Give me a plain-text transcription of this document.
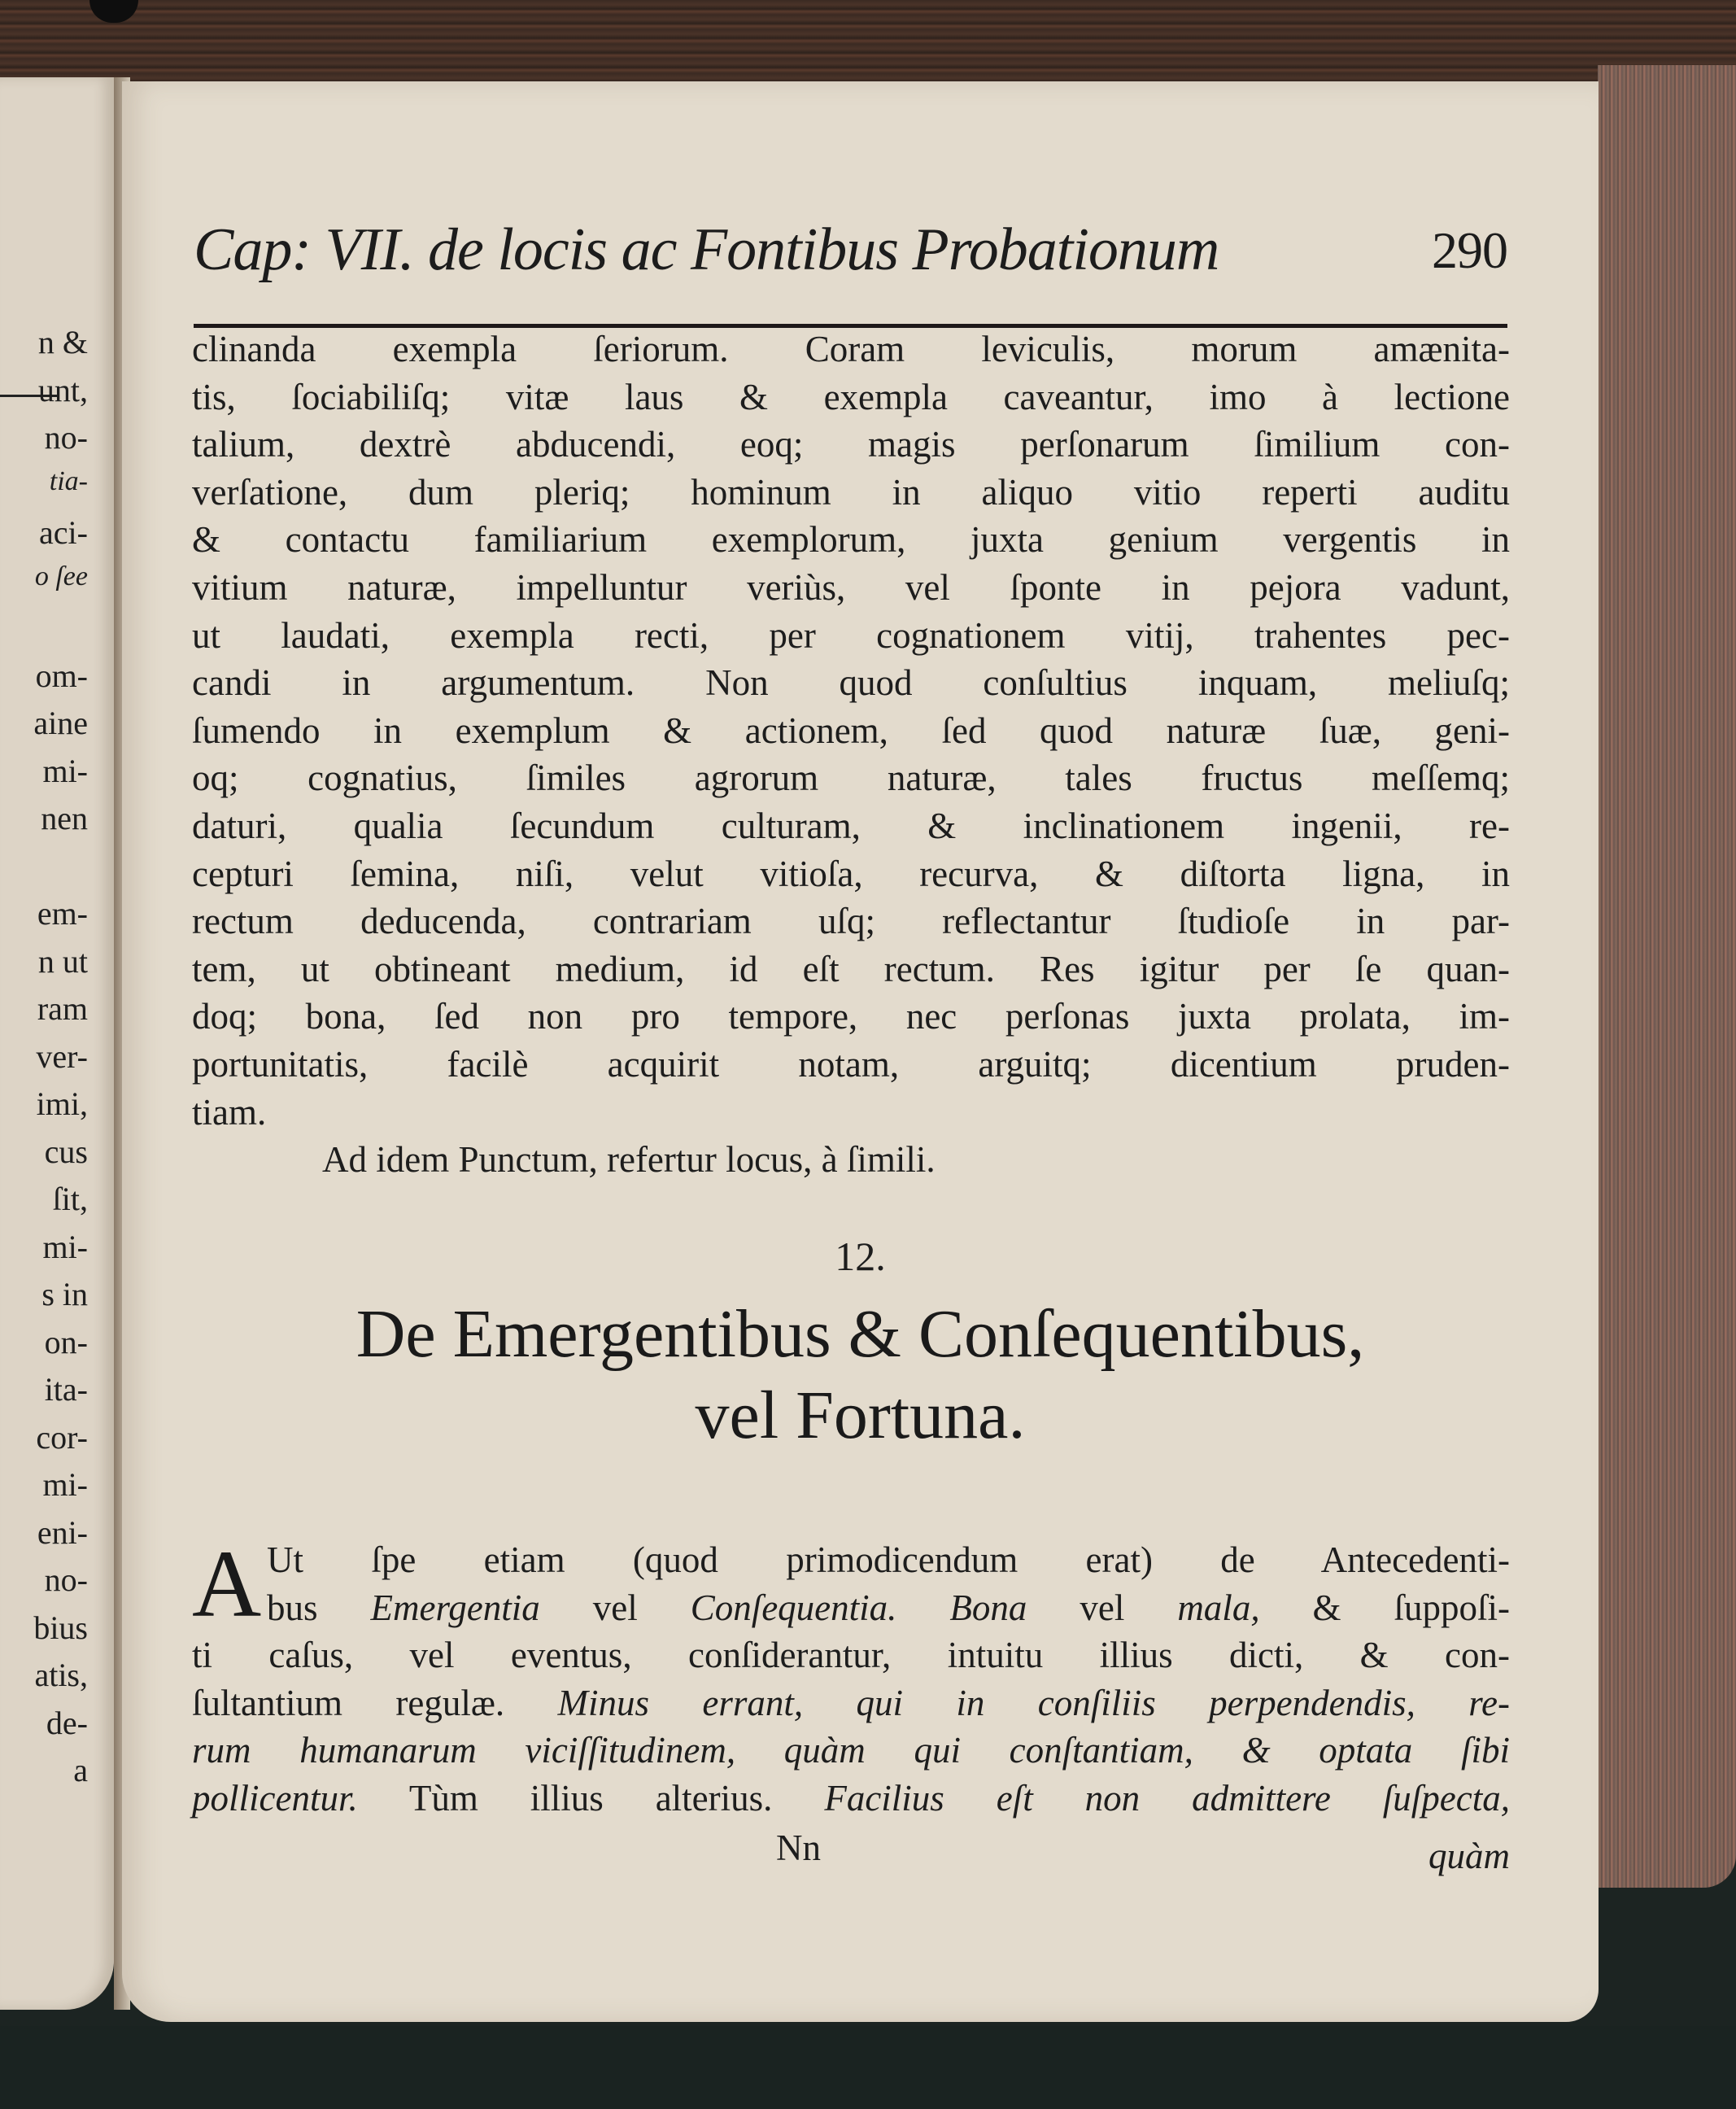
n &
unt,
no-
tia-
aci-
o ſee
om-
aine
mi-
nen
em-
n ut
ram
ver-
imi,
cus
ſit,
mi-
s in
on-
ita-
cor-
mi-
eni-
no-
bius
atis,
de-
a
Cap: VII. de locis ac Fontibus Probationum	290
clinanda exempla ſeriorum. Coram leviculis, morum amænita-
tis, ſociabiliſq; vitæ laus & exempla caveantur, imo à lectione
talium, dextrè abducendi, eoq; magis perſonarum ſimilium con-
verſatione, dum pleriq; hominum in aliquo vitio reperti auditu
& contactu familiarium exemplorum, juxta genium vergentis in
vitium naturæ, impelluntur veriùs, vel ſponte in pejora vadunt,
ut laudati, exempla recti, per cognationem vitij, trahentes pec-
candi in argumentum. Non quod conſultius inquam, meliuſq;
ſumendo in exemplum & actionem, ſed quod naturæ ſuæ, geni-
oq; cognatius, ſimiles agrorum naturæ, tales fructus meſſemq;
daturi, qualia ſecundum culturam, & inclinationem ingenii, re-
cepturi ſemina, niſi, velut vitioſa, recurva, & diſtorta ligna, in
rectum deducenda, contrariam uſq; reflectantur ſtudioſe in par-
tem, ut obtineant medium, id eſt rectum. Res igitur per ſe quan-
doq; bona, ſed non pro tempore, nec perſonas juxta prolata, im-
portunitatis, facilè acquirit notam, arguitq; dicentium pruden-
tiam.
Ad idem Punctum, refertur locus, à ſimili.
12.
De Emergentibus & Conſequentibus,
vel Fortuna.
A Ut ſpe etiam (quod primodicendum erat) de Antecedenti-
bus Emergentia vel Conſequentia. Bona vel mala, & ſuppoſi-
ti caſus, vel eventus, conſiderantur, intuitu illius dicti, & con-
ſultantium regulæ. Minus errant, qui in conſiliis perpendendis, re-
rum humanarum viciſſitudinem, quàm qui conſtantiam, & optata ſibi
pollicentur. Tùm illius alterius. Facilius eſt non admittere ſuſpecta,
Nn	quàm
